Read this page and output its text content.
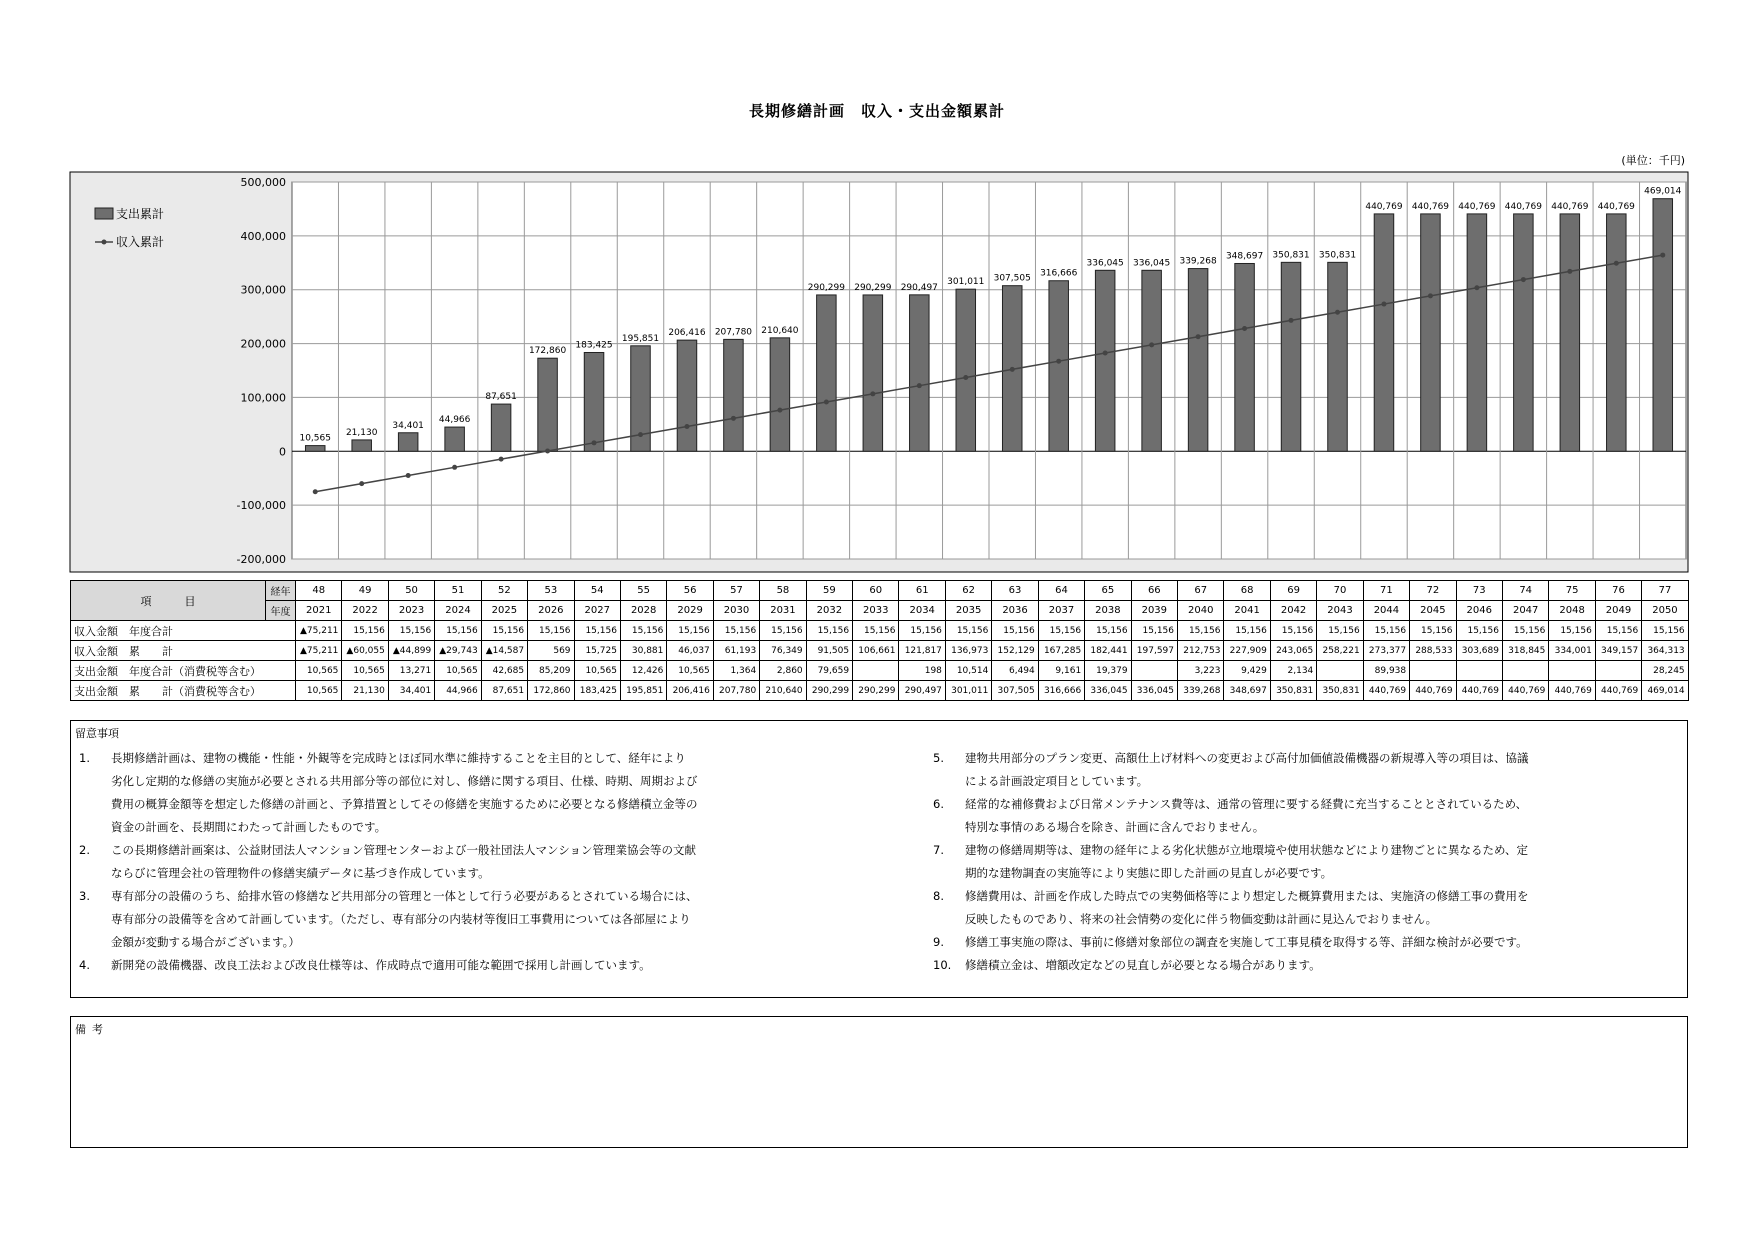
長期修繕計画　収入・支出金額累計
(単位：千円)
500,000
400,000
300,000
200,000
100,000
0
-100,000
-200,000
10,565
21,130
34,401
44,966
87,651
172,860
183,425
195,851
206,416 207,780 210,640
290,299 290,299 290,497
301,011 307,505 316,666
336,045 336,045 339,268
348,697 350,831 350,831
440,769 440,769 440,769 440,769 440,769 440,769
469,014
支出累計
収入累計
項　　　目	経年	48	49	50	51	52	53	54	55	56	57	58	59	60	61	62	63	64	65	66	67	68	69	70	71	72	73	74	75	76	77
	年度	2021	2022	2023	2024	2025	2026	2027	2028	2029	2030	2031	2032	2033	2034	2035	2036	2037	2038	2039	2040	2041	2042	2043	2044	2045	2046	2047	2048	2049	2050
収入金額　年度合計		▲75,211	15,156	15,156	15,156	15,156	15,156	15,156	15,156	15,156	15,156	15,156	15,156	15,156	15,156	15,156	15,156	15,156	15,156	15,156	15,156	15,156	15,156	15,156	15,156	15,156	15,156	15,156	15,156	15,156	15,156
収入金額　累　　計		▲75,211	▲60,055	▲44,899	▲29,743	▲14,587	569	15,725	30,881	46,037	61,193	76,349	91,505	106,661	121,817	136,973	152,129	167,285	182,441	197,597	212,753	227,909	243,065	258,221	273,377	288,533	303,689	318,845	334,001	349,157	364,313
支出金額　年度合計（消費税等含む）		10,565	10,565	13,271	10,565	42,685	85,209	10,565	12,426	10,565	1,364	2,860	79,659		198	10,514	6,494	9,161	19,379		3,223	9,429	2,134		89,938						28,245
支出金額　累　　計（消費税等含む）		10,565	21,130	34,401	44,966	87,651	172,860	183,425	195,851	206,416	207,780	210,640	290,299	290,299	290,497	301,011	307,505	316,666	336,045	336,045	339,268	348,697	350,831	350,831	440,769	440,769	440,769	440,769	440,769	440,769	469,014
留意事項
1.	長期修繕計画は、建物の機能・性能・外観等を完成時とほぼ同水準に維持することを主目的として、経年により
劣化し定期的な修繕の実施が必要とされる共用部分等の部位に対し、修繕に関する項目、仕様、時期、周期および
費用の概算金額等を想定した修繕の計画と、予算措置としてその修繕を実施するために必要となる修繕積立金等の
資金の計画を、長期間にわたって計画したものです。
2.	この長期修繕計画案は、公益財団法人マンション管理センターおよび一般社団法人マンション管理業協会等の文献
ならびに管理会社の管理物件の修繕実績データに基づき作成しています。
3.	専有部分の設備のうち、給排水管の修繕など共用部分の管理と一体として行う必要があるとされている場合には、
専有部分の設備等を含めて計画しています。（ただし、専有部分の内装材等復旧工事費用については各部屋により
金額が変動する場合がございます。）
4.	新開発の設備機器、改良工法および改良仕様等は、作成時点で適用可能な範囲で採用し計画しています。
5.	建物共用部分のプラン変更、高額仕上げ材料への変更および高付加価値設備機器の新規導入等の項目は、協議
による計画設定項目としています。
6.	経常的な補修費および日常メンテナンス費等は、通常の管理に要する経費に充当することとされているため、
特別な事情のある場合を除き、計画に含んでおりません。
7.	建物の修繕周期等は、建物の経年による劣化状態が立地環境や使用状態などにより建物ごとに異なるため、定
期的な建物調査の実施等により実態に即した計画の見直しが必要です。
8.	修繕費用は、計画を作成した時点での実勢価格等により想定した概算費用または、実施済の修繕工事の費用を
反映したものであり、将来の社会情勢の変化に伴う物価変動は計画に見込んでおりません。
9.	修繕工事実施の際は、事前に修繕対象部位の調査を実施して工事見積を取得する等、詳細な検討が必要です。
10.	修繕積立金は、増額改定などの見直しが必要となる場合があります。
備考
